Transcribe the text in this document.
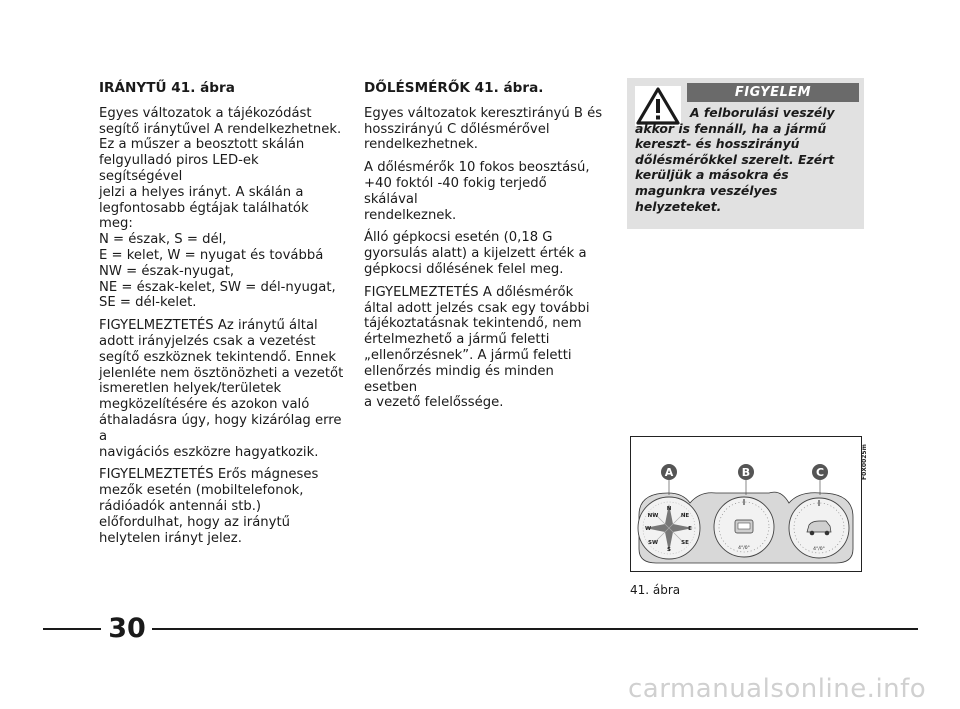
IRÁNYTŰ 41. ábra

Egyes változatok a tájékozódást
segítő iránytűvel A rendelkezhetnek.
Ez a műszer a beosztott skálán
felgyulladó piros LED-ek segítségével
jelzi a helyes irányt. A skálán a
legfontosabb égtájak találhatók meg:
N = észak, S = dél,
E = kelet, W = nyugat és továbbá
NW = észak-nyugat,
NE = észak-kelet, SW = dél-nyugat,
SE = dél-kelet.

FIGYELMEZTETÉS Az iránytű által
adott irányjelzés csak a vezetést
segítő eszköznek tekintendő. Ennek
jelenléte nem ösztönözheti a vezetőt
ismeretlen helyek/területek
megközelítésére és azokon való
áthaladásra úgy, hogy kizárólag erre a
navigációs eszközre hagyatkozik.

FIGYELMEZTETÉS Erős mágneses
mezők esetén (mobiltelefonok,
rádióadók antennái stb.)
előfordulhat, hogy az iránytű
helytelen irányt jelez.

DŐLÉSMÉRŐK 41. ábra.

Egyes változatok keresztirányú B és
hosszirányú C dőlésmérővel
rendelkezhetnek.

A dőlésmérők 10 fokos beosztású,
+40 foktól -40 fokig terjedő skálával
rendelkeznek.

Álló gépkocsi esetén (0,18 G
gyorsulás alatt) a kijelzett érték a
gépkocsi dőlésének felel meg.

FIGYELMEZTETÉS A dőlésmérők
által adott jelzés csak egy további
tájékoztatásnak tekintendő, nem
értelmezhető a jármű feletti
„ellenőrzésnek”. A jármű feletti
ellenőrzés mindig és minden esetben
a vezető felelőssége.

FIGYELEM

A felborulási veszély akkor is fennáll, ha a jármű kereszt- és hosszirányú dőlésmérőkkel szerelt. Ezért kerüljük a másokra és magunkra veszélyes helyzeteket.

A	B	C
N
NE
E
SE
S
SW
W
NW
4°/0°	4°/0°
F0X0025m
41. ábra
30
carmanualsonline.info
